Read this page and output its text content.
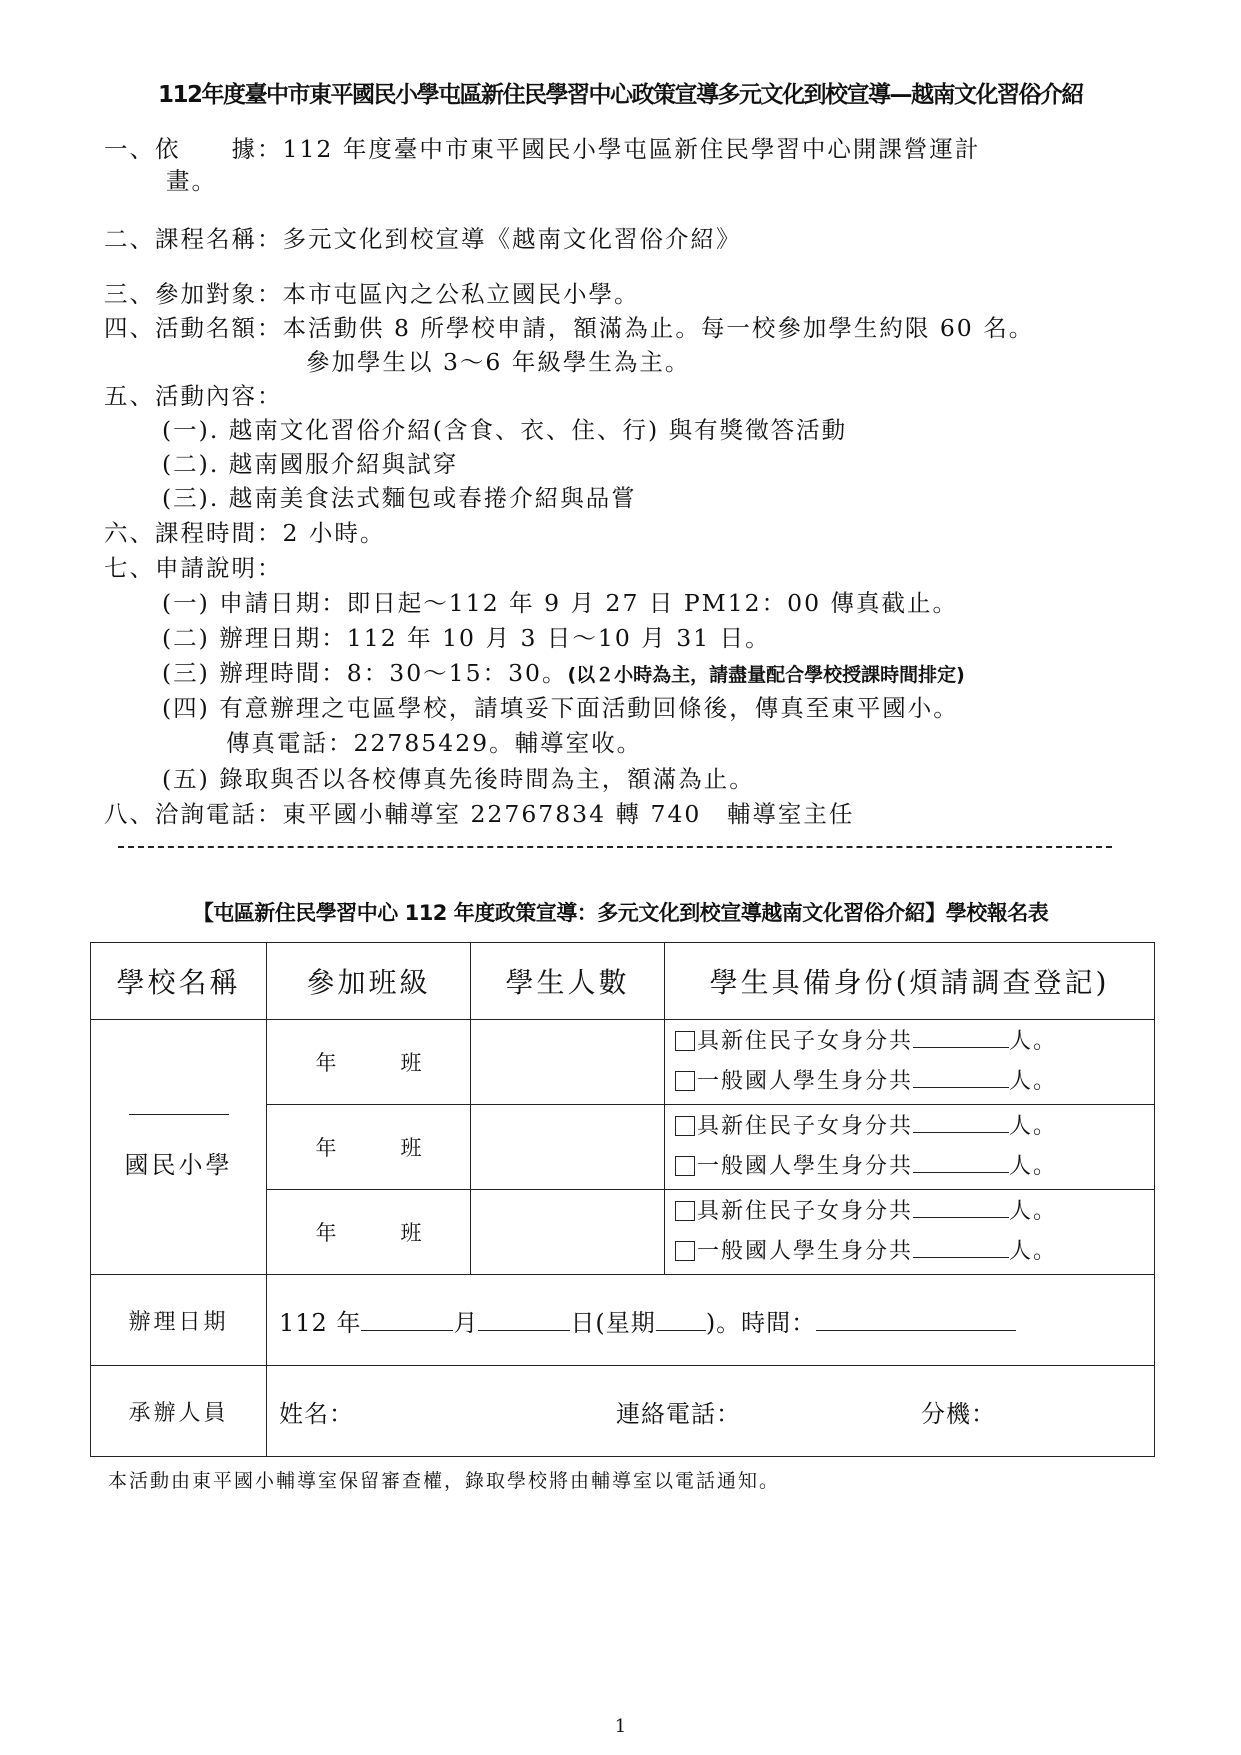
112年度臺中市東平國民小學屯區新住民學習中心政策宣導多元文化到校宣導—越南文化習俗介紹
一、依　　據：112 年度臺中市東平國民小學屯區新住民學習中心開課營運計
畫。
二、課程名稱：多元文化到校宣導《越南文化習俗介紹》
三、參加對象：本市屯區內之公私立國民小學。
四、活動名額：本活動供 8 所學校申請，額滿為止。每一校參加學生約限 60 名。
參加學生以 3～6 年級學生為主。
五、活動內容：
(一). 越南文化習俗介紹(含食、衣、住、行) 與有獎徵答活動
(二). 越南國服介紹與試穿
(三). 越南美食法式麵包或春捲介紹與品嘗
六、課程時間：2 小時。
七、申請說明：
(一) 申請日期：即日起～112 年 9 月 27 日 PM12：00 傳真截止。
(二) 辦理日期：112 年 10 月 3 日～10 月 31 日。
(三) 辦理時間：8：30～15：30。(以２小時為主，請盡量配合學校授課時間排定)
(四) 有意辦理之屯區學校，請填妥下面活動回條後，傳真至東平國小。
傳真電話：22785429。輔導室收。
(五) 錄取與否以各校傳真先後時間為主，額滿為止。
八、洽詢電話：東平國小輔導室 22767834 轉 740　輔導室主任
【屯區新住民學習中心 112 年度政策宣導：多元文化到校宣導越南文化習俗介紹】學校報名表
學校名稱	參加班級	學生人數	學生具備身份(煩請調查登記)

國民小學	年 班		具新住民子女身分共 人。
一般國人學生身分共 人。

	年 班		具新住民子女身分共 人。
一般國人學生身分共 人。

	年 班		具新住民子女身分共 人。
一般國人學生身分共 人。

辦理日期	112 年 月 日(星期 )。時間：		
承辦人員	姓名： 連絡電話： 分機：		
本活動由東平國小輔導室保留審查權，錄取學校將由輔導室以電話通知。
1
